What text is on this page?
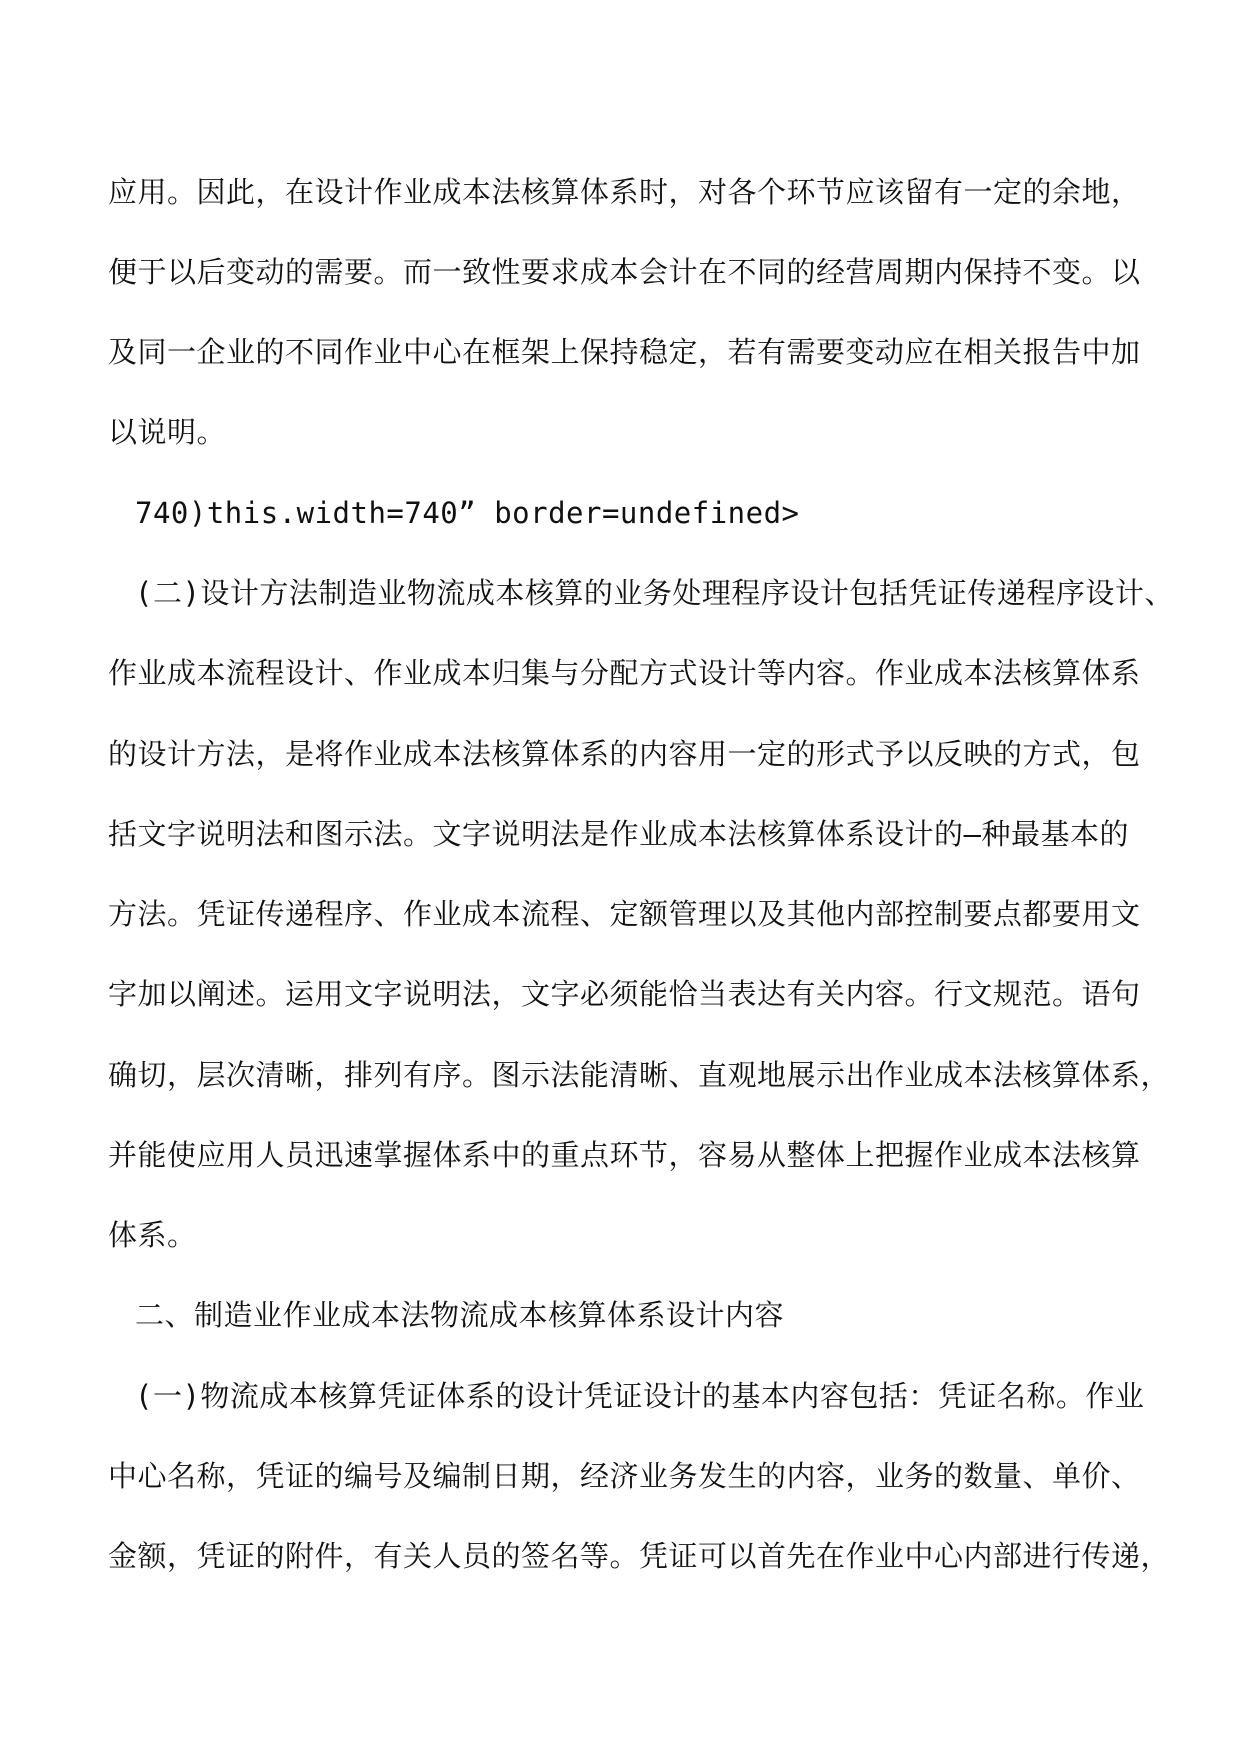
应用。因此，在设计作业成本法核算体系时，对各个环节应该留有一定的余地，
便于以后变动的需要。而一致性要求成本会计在不同的经营周期内保持不变。以
及同一企业的不同作业中心在框架上保持稳定，若有需要变动应在相关报告中加
以说明。
740)this.width=740” border=undefined>
(二)设计方法制造业物流成本核算的业务处理程序设计包括凭证传递程序设计、
作业成本流程设计、作业成本归集与分配方式设计等内容。作业成本法核算体系
的设计方法，是将作业成本法核算体系的内容用一定的形式予以反映的方式，包
括文字说明法和图示法。文字说明法是作业成本法核算体系设计的—种最基本的
方法。凭证传递程序、作业成本流程、定额管理以及其他内部控制要点都要用文
字加以阐述。运用文字说明法，文字必须能恰当表达有关内容。行文规范。语句
确切，层次清晰，排列有序。图示法能清晰、直观地展示出作业成本法核算体系，
并能使应用人员迅速掌握体系中的重点环节，容易从整体上把握作业成本法核算
体系。
二、制造业作业成本法物流成本核算体系设计内容
(一)物流成本核算凭证体系的设计凭证设计的基本内容包括：凭证名称。作业
中心名称，凭证的编号及编制日期，经济业务发生的内容，业务的数量、单价、
金额，凭证的附件，有关人员的签名等。凭证可以首先在作业中心内部进行传递，
